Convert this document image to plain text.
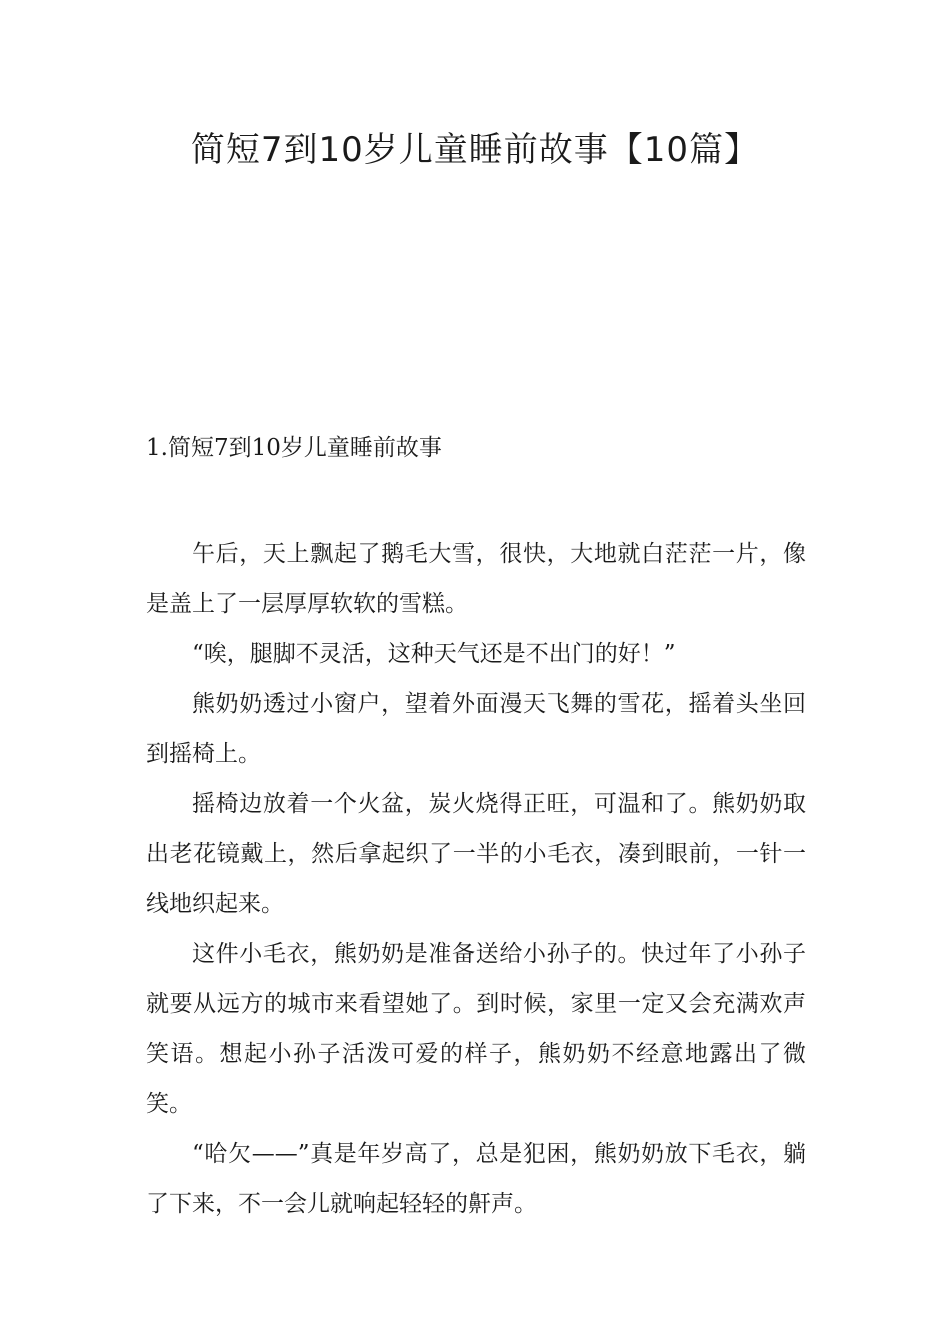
简短7到10岁儿童睡前故事【10篇】
1.简短7到10岁儿童睡前故事

午后，天上飘起了鹅毛大雪，很快，大地就白茫茫一片，像是盖上了一层厚厚软软的雪糕。

“唉，腿脚不灵活，这种天气还是不出门的好！”

熊奶奶透过小窗户，望着外面漫天飞舞的雪花，摇着头坐回到摇椅上。

摇椅边放着一个火盆，炭火烧得正旺，可温和了。熊奶奶取出老花镜戴上，然后拿起织了一半的小毛衣，凑到眼前，一针一线地织起来。

这件小毛衣，熊奶奶是准备送给小孙子的。快过年了小孙子就要从远方的城市来看望她了。到时候，家里一定又会充满欢声笑语。想起小孙子活泼可爱的样子，熊奶奶不经意地露出了微笑。

“哈欠——”真是年岁高了，总是犯困，熊奶奶放下毛衣，躺了下来，不一会儿就响起轻轻的鼾声。
